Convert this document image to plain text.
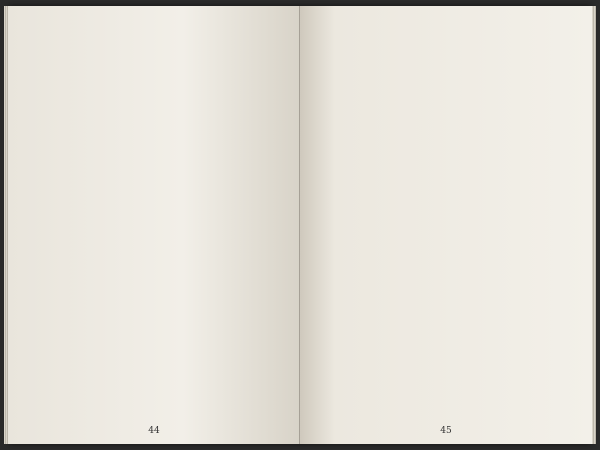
44	45
